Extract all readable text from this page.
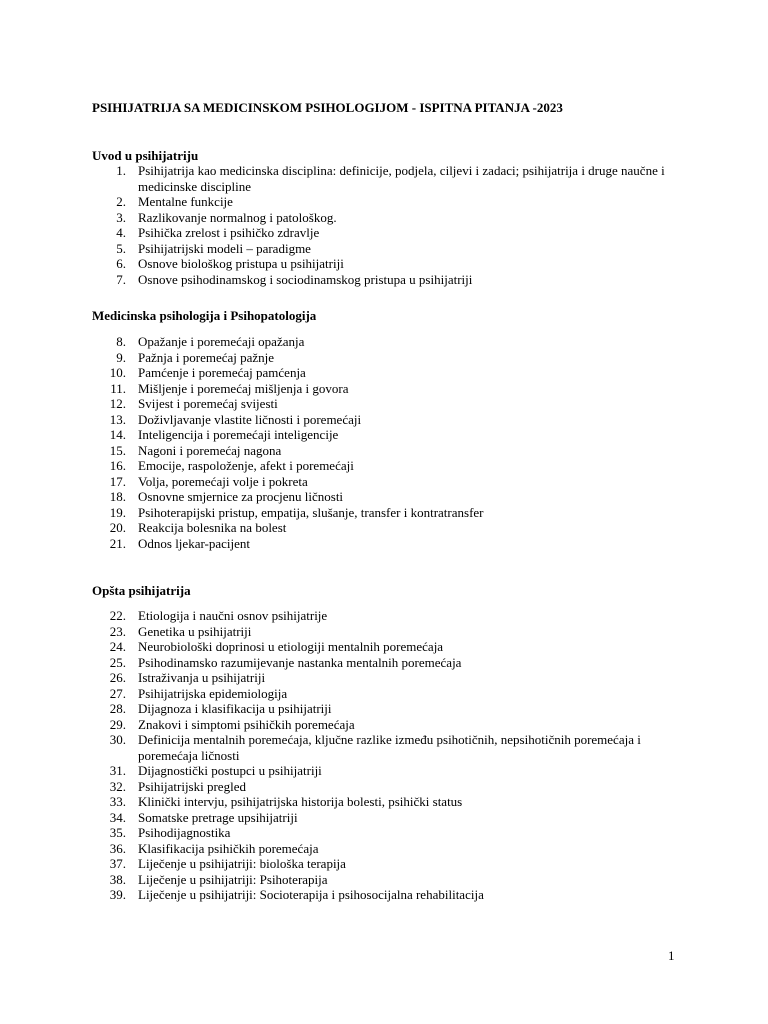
PSIHIJATRIJA SA MEDICINSKOM PSIHOLOGIJOM - ISPITNA PITANJA -2023
Uvod u psihijatriju
1. Psihijatrija kao medicinska disciplina: definicije, podjela, ciljevi i zadaci; psihijatrija i druge naučne i medicinske discipline
2. Mentalne funkcije
3. Razlikovanje normalnog i patološkog.
4. Psihička zrelost i psihičko zdravlje
5. Psihijatrijski modeli – paradigme
6. Osnove biološkog pristupa u psihijatriji
7. Osnove psihodinamskog i sociodinamskog pristupa u psihijatriji
Medicinska psihologija i Psihopatologija
8. Opažanje i poremećaji opažanja
9. Pažnja i poremećaj pažnje
10. Pamćenje i poremećaj pamćenja
11. Mišljenje i poremećaj mišljenja i govora
12. Svijest i poremećaj svijesti
13. Doživljavanje vlastite ličnosti i poremećaji
14. Inteligencija i poremećaji inteligencije
15. Nagoni i poremećaj nagona
16. Emocije, raspoloženje, afekt i poremećaji
17. Volja, poremećaji volje i pokreta
18. Osnovne smjernice za procjenu ličnosti
19. Psihoterapijski pristup, empatija, slušanje, transfer i kontratransfer
20. Reakcija bolesnika na bolest
21. Odnos ljekar-pacijent
Opšta psihijatrija
22. Etiologija i naučni osnov psihijatrije
23. Genetika u psihijatriji
24. Neurobiološki doprinosi u etiologiji mentalnih poremećaja
25. Psihodinamsko razumijevanje nastanka mentalnih poremećaja
26. Istraživanja u psihijatriji
27. Psihijatrijska epidemiologija
28. Dijagnoza i klasifikacija u psihijatriji
29. Znakovi i simptomi psihičkih poremećaja
30. Definicija mentalnih poremećaja, ključne razlike između psihotičnih, nepsihotičnih poremećaja i poremećaja ličnosti
31. Dijagnostički postupci u psihijatriji
32. Psihijatrijski pregled
33. Klinički intervju, psihijatrijska historija bolesti, psihički status
34. Somatske pretrage upsihijatriji
35. Psihodijagnostika
36. Klasifikacija psihičkih poremećaja
37. Liječenje u psihijatriji: biološka terapija
38. Liječenje u psihijatriji: Psihoterapija
39. Liječenje u psihijatriji: Socioterapija i psihosocijalna rehabilitacija
1
